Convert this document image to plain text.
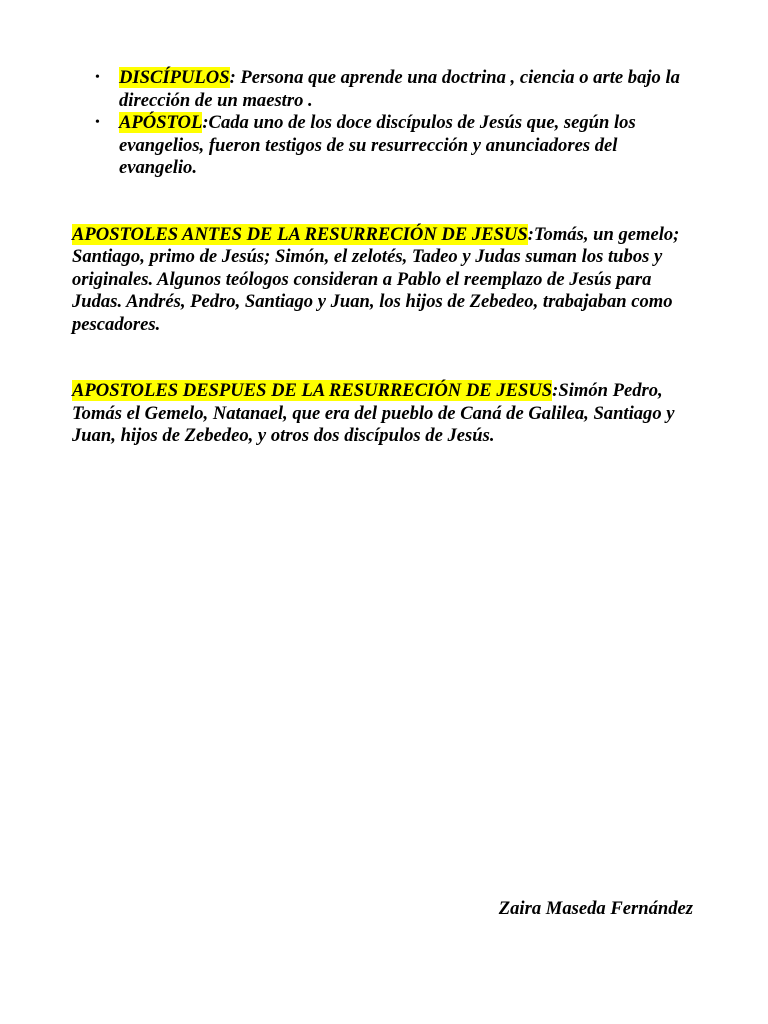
• DISCÍPULOS: Persona que aprende una doctrina , ciencia o arte bajo la dirección de un maestro .
• APÓSTOL:Cada uno de los doce discípulos de Jesús que, según los evangelios, fueron testigos de su resurrección y anunciadores del evangelio.

APOSTOLES ANTES DE LA RESURRECIÓN DE JESUS:Tomás, un gemelo; Santiago, primo de Jesús; Simón, el zelotés, Tadeo y Judas suman los tubos y originales. Algunos teólogos consideran a Pablo el reemplazo de Jesús para Judas. Andrés, Pedro, Santiago y Juan, los hijos de Zebedeo, trabajaban como pescadores.

APOSTOLES DESPUES DE LA RESURRECIÓN DE JESUS:Simón Pedro, Tomás el Gemelo, Natanael, que era del pueblo de Caná de Galilea, Santiago y Juan, hijos de Zebedeo, y otros dos discípulos de Jesús.

Zaira Maseda Fernández
